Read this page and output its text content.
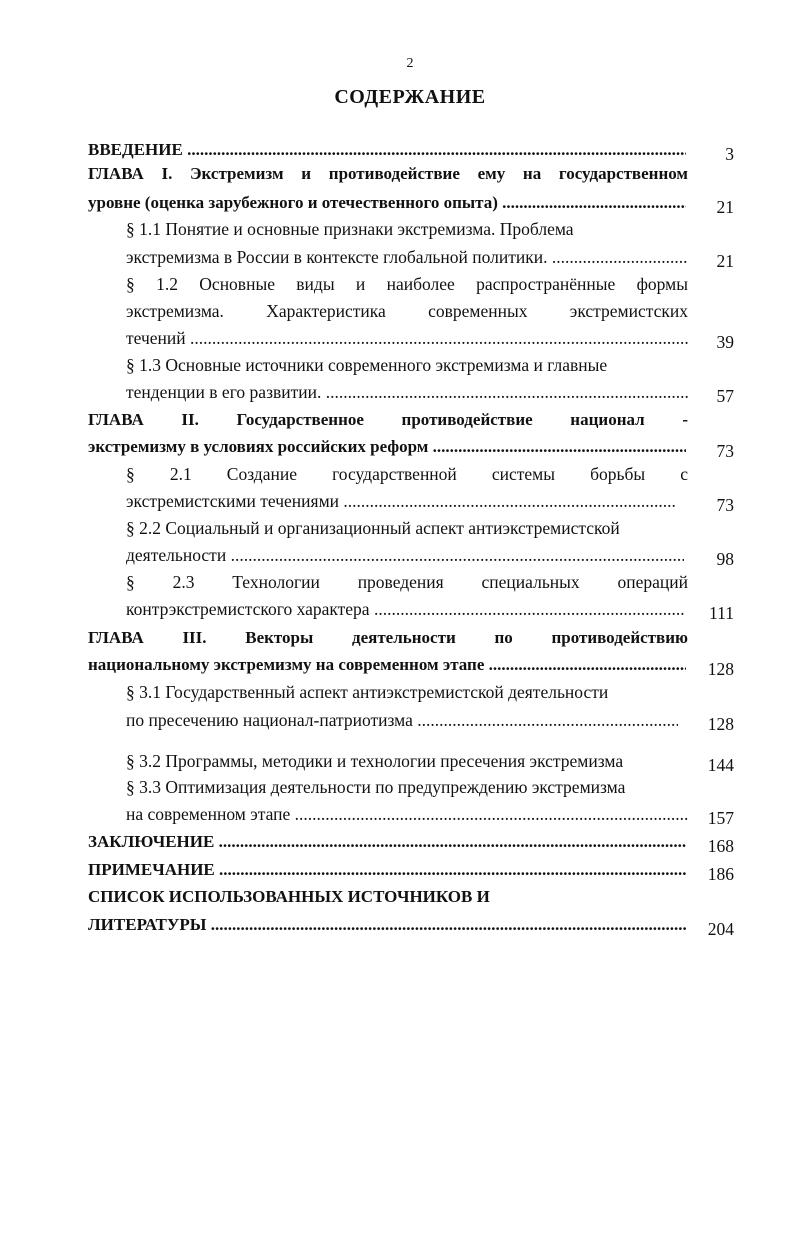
2
СОДЕРЖАНИЕ
ВВЕДЕНИЕ .....	3
ГЛАВА I. Экстремизм и противодействие ему на государственном
уровне (оценка зарубежного и отечественного опыта) .....	21
§ 1.1 Понятие и основные признаки экстремизма. Проблема
экстремизма в России в контексте глобальной политики. .....	21
§ 1.2 Основные виды и наиболее распространённые формы
экстремизма. Характеристика современных экстремистских
течений .....	39
§ 1.3 Основные источники современного экстремизма и главные
тенденции в его развитии. .....	57
ГЛАВА II. Государственное противодействие национал -
экстремизму в условиях российских реформ .....	73
§ 2.1 Создание государственной системы борьбы с
экстремистскими течениями .....	73
§ 2.2 Социальный и организационный аспект антиэкстремистской
деятельности .....	98
§ 2.3 Технологии проведения специальных операций
контрэкстремистского характера .....	111
ГЛАВА III. Векторы деятельности по противодействию
национальному экстремизму на современном этапе .....	128
§ 3.1 Государственный аспект антиэкстремистской деятельности
по пресечению национал-патриотизма .....	128
§ 3.2 Программы, методики и технологии пресечения экстремизма	144
§ 3.3 Оптимизация деятельности по предупреждению экстремизма
на современном этапе .....	157
ЗАКЛЮЧЕНИЕ .....	168
ПРИМЕЧАНИЕ .....	186
СПИСОК ИСПОЛЬЗОВАННЫХ ИСТОЧНИКОВ И
ЛИТЕРАТУРЫ .....	204
